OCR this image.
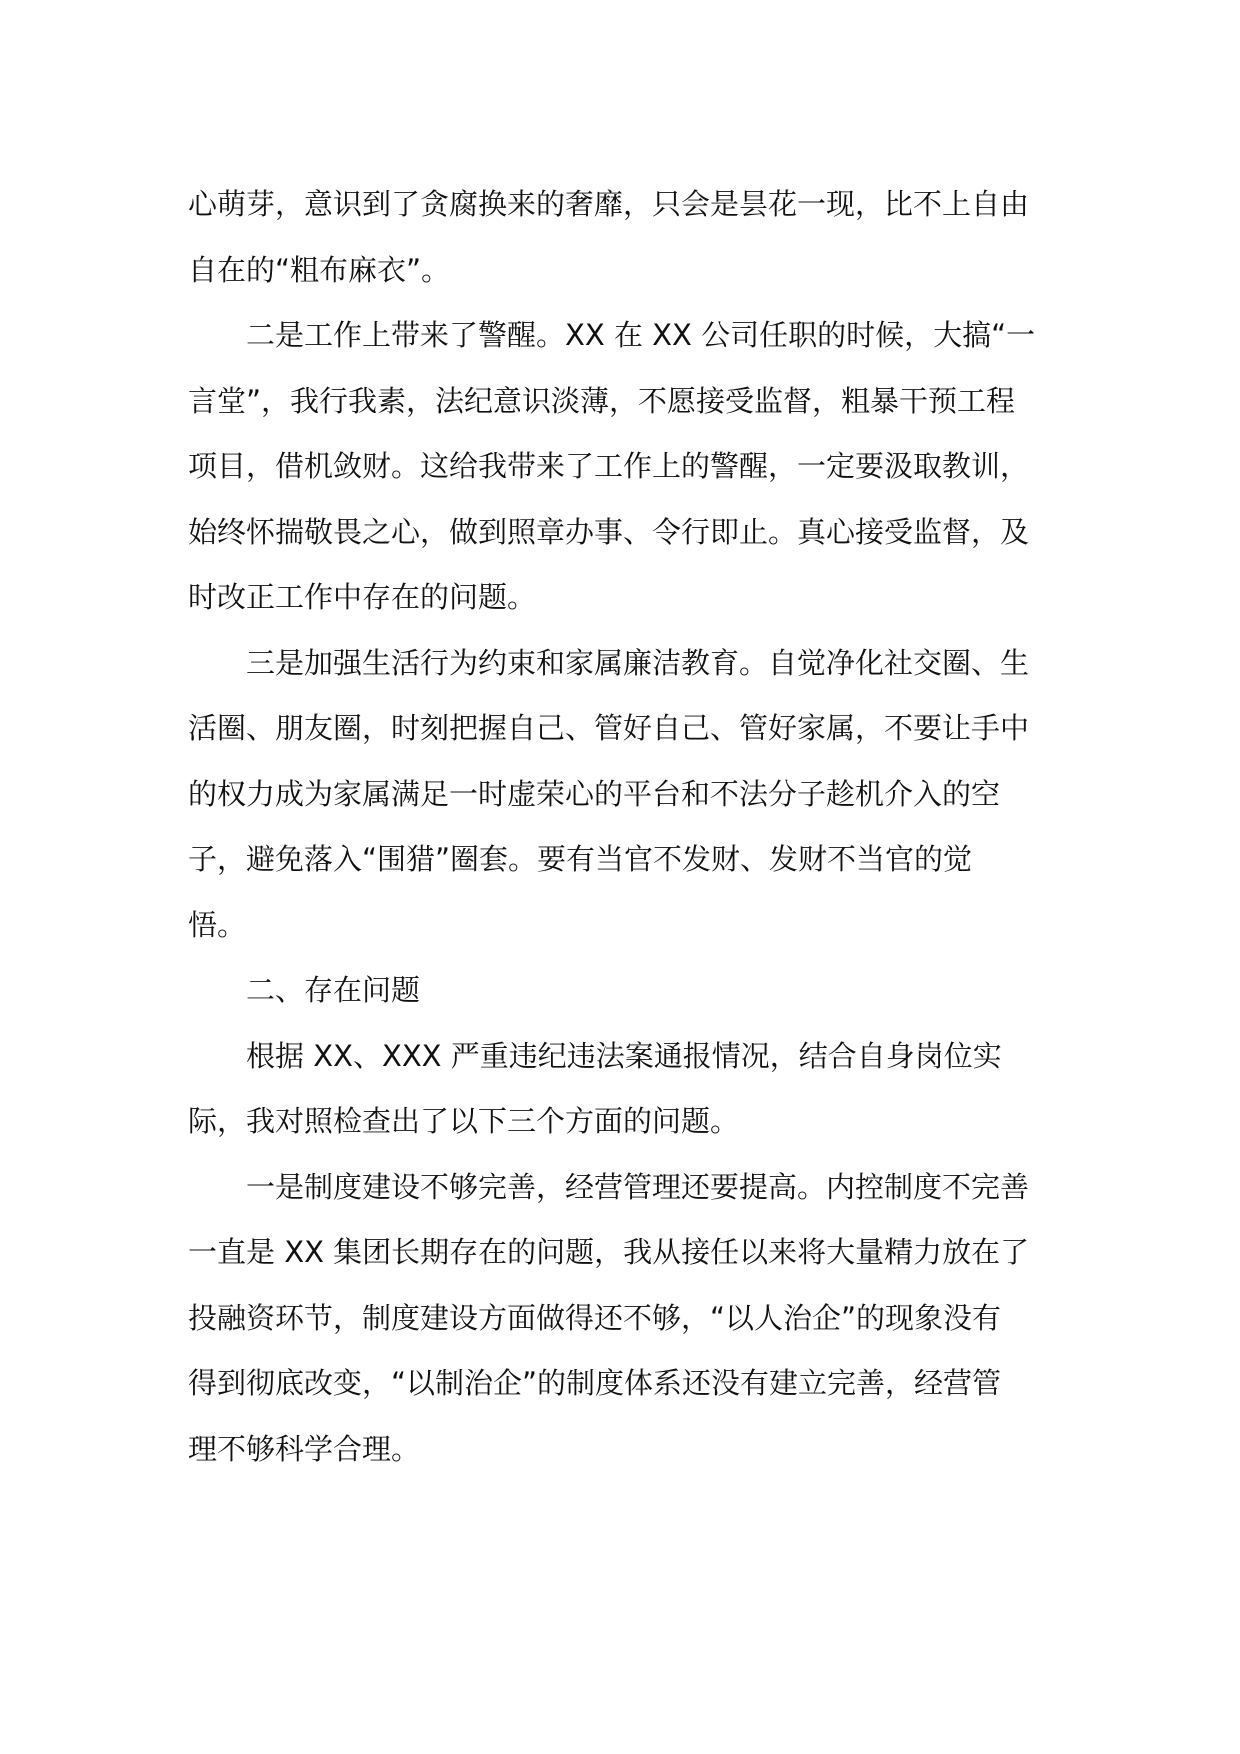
心萌芽，意识到了贪腐换来的奢靡，只会是昙花一现，比不上自由
自在的“粗布麻衣”。
二是工作上带来了警醒。XX 在 XX 公司任职的时候，大搞“一
言堂”，我行我素，法纪意识淡薄，不愿接受监督，粗暴干预工程
项目，借机敛财。这给我带来了工作上的警醒，一定要汲取教训，
始终怀揣敬畏之心，做到照章办事、令行即止。真心接受监督，及
时改正工作中存在的问题。
三是加强生活行为约束和家属廉洁教育。自觉净化社交圈、生
活圈、朋友圈，时刻把握自己、管好自己、管好家属，不要让手中
的权力成为家属满足一时虚荣心的平台和不法分子趁机介入的空
子，避免落入“围猎”圈套。要有当官不发财、发财不当官的觉
悟。
二、存在问题
根据 XX、XXX 严重违纪违法案通报情况，结合自身岗位实
际，我对照检查出了以下三个方面的问题。
一是制度建设不够完善，经营管理还要提高。内控制度不完善
一直是 XX 集团长期存在的问题，我从接任以来将大量精力放在了
投融资环节，制度建设方面做得还不够，“以人治企”的现象没有
得到彻底改变，“以制治企”的制度体系还没有建立完善，经营管
理不够科学合理。
